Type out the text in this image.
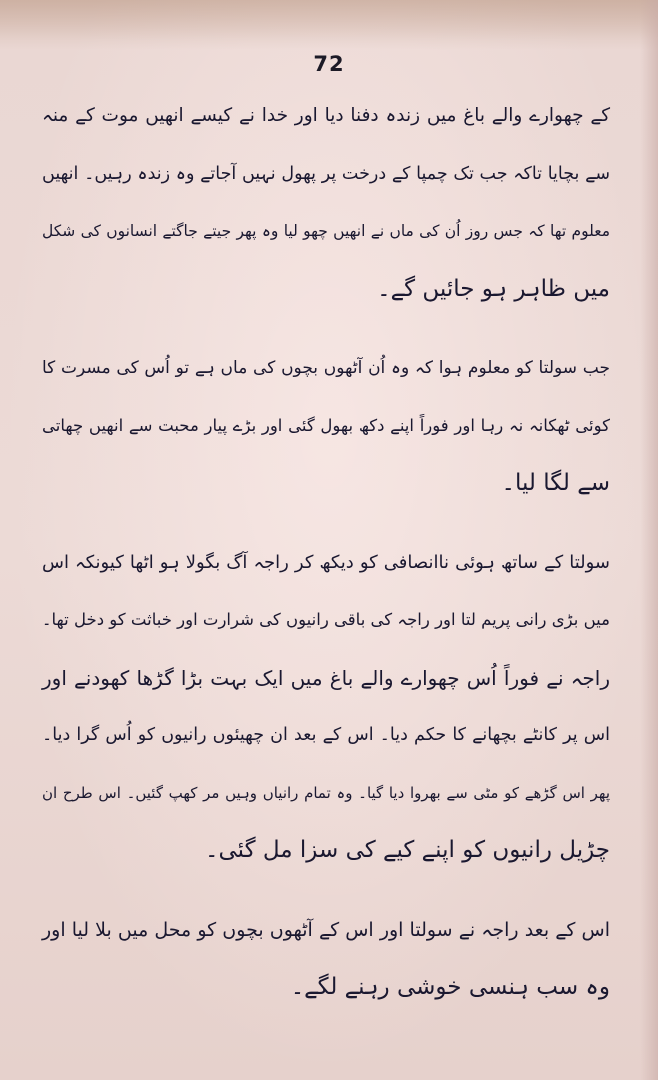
72
کے چھوارے والے باغ میں زندہ دفنا دیا اور خدا نے کیسے انھیں موت کے منہ
سے بچایا تاکہ جب تک چمپا کے درخت پر پھول نہیں آجاتے وہ زندہ رہیں۔ انھیں
معلوم تھا کہ جس روز اُن کی ماں نے انھیں چھو لیا وہ پھر جیتے جاگتے انسانوں کی شکل
میں ظاہر ہو جائیں گے۔
جب سولتا کو معلوم ہوا کہ وہ اُن آٹھوں بچوں کی ماں ہے تو اُس کی مسرت کا
کوئی ٹھکانہ نہ رہا اور فوراً اپنے دکھ بھول گئی اور بڑے پیار محبت سے انھیں چھاتی
سے لگا لیا۔
سولتا کے ساتھ ہوئی ناانصافی کو دیکھ کر راجہ آگ بگولا ہو اٹھا کیونکہ اس
میں بڑی رانی پریم لتا اور راجہ کی باقی رانیوں کی شرارت اور خباثت کو دخل تھا۔
راجہ نے فوراً اُس چھوارے والے باغ میں ایک بہت بڑا گڑھا کھودنے اور
اس پر کانٹے بچھانے کا حکم دیا۔ اس کے بعد ان چھیئوں رانیوں کو اُس گرا دیا۔
پھر اس گڑھے کو مٹی سے بھروا دیا گیا۔ وہ تمام رانیاں وہیں مر کھپ گئیں۔ اس طرح ان
چڑیل رانیوں کو اپنے کیے کی سزا مل گئی۔
اس کے بعد راجہ نے سولتا اور اس کے آٹھوں بچوں کو محل میں بلا لیا اور
وہ سب ہنسی خوشی رہنے لگے۔
